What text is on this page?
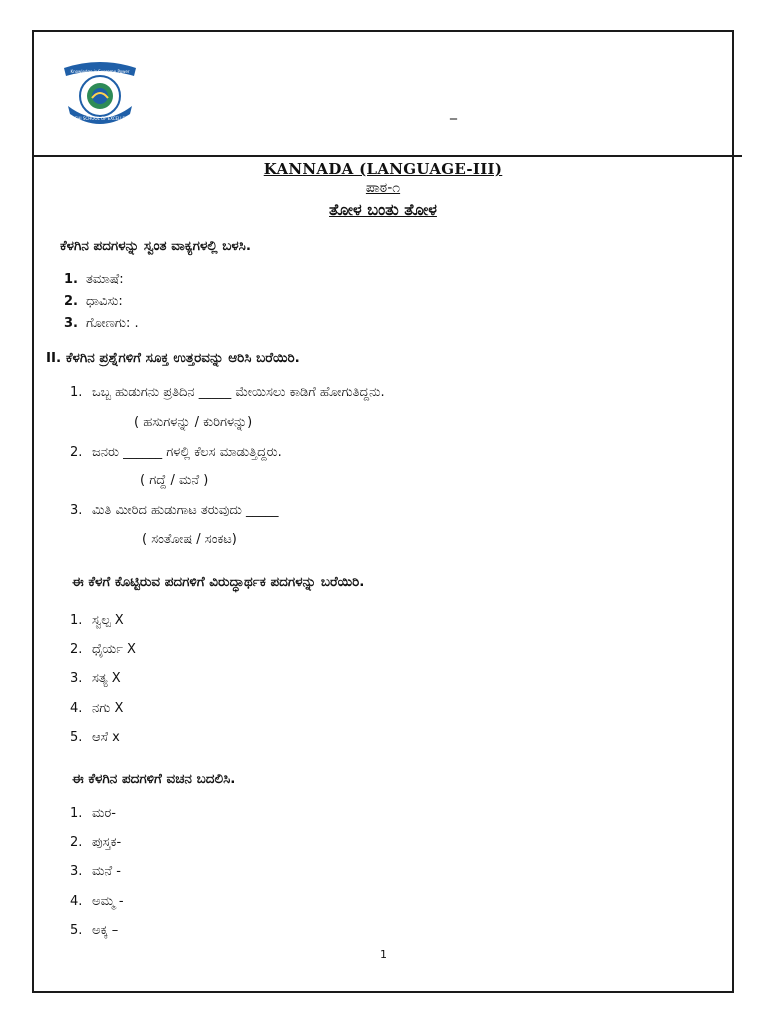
Knowledge is Supreme Power
VYDEHI SCHOOL OF EXCELLENCE	_
KANNADA (LANGUAGE-III)
ಪಾಠ-೧
ತೋಳ ಬಂತು ತೋಳ
ಕೆಳಗಿನ ಪದಗಳನ್ನು ಸ್ವಂತ ವಾಕ್ಯಗಳಲ್ಲಿ ಬಳಸಿ.
1. ತಮಾಷೆ:
2. ಧಾವಿಸು:
3. ಗೋಣಗು: .
II. ಕೆಳಗಿನ ಪ್ರಶ್ನೆಗಳಿಗೆ ಸೂಕ್ತ ಉತ್ತರವನ್ನು ಆರಿಸಿ ಬರೆಯಿರಿ.
1. ಒಬ್ಬ ಹುಡುಗನು ಪ್ರತಿದಿನ _____ ಮೇಯಿಸಲು ಕಾಡಿಗೆ ಹೋಗುತಿದ್ದನು.
2. ಜನರು ______ ಗಳಲ್ಲಿ ಕೆಲಸ ಮಾಡುತ್ತಿದ್ದರು.
3. ಮಿತಿ ಮೀರಿದ ಹುಡುಗಾಟ ತರುವುದು _____
( ಹಸುಗಳನ್ನು / ಕುರಿಗಳನ್ನು)
( ಗದ್ದೆ / ಮನೆ )
( ಸಂತೋಷ / ಸಂಕಟ)
ಈ ಕೆಳಗೆ ಕೊಟ್ಟಿರುವ ಪದಗಳಿಗೆ ವಿರುದ್ಧಾರ್ಥಕ ಪದಗಳನ್ನು ಬರೆಯಿರಿ.
1. ಸ್ವಲ್ಪ X
2. ಧೈರ್ಯ X
3. ಸತ್ಯ X
4. ನಗು X
5. ಆಸೆ x
ಈ ಕೆಳಗಿನ ಪದಗಳಿಗೆ ವಚನ ಬದಲಿಸಿ.
1. ಮರ-
2. ಪುಸ್ತಕ-
3. ಮನೆ -
4. ಅಮ್ಮ -
5. ಅಕ್ಕ –
1
